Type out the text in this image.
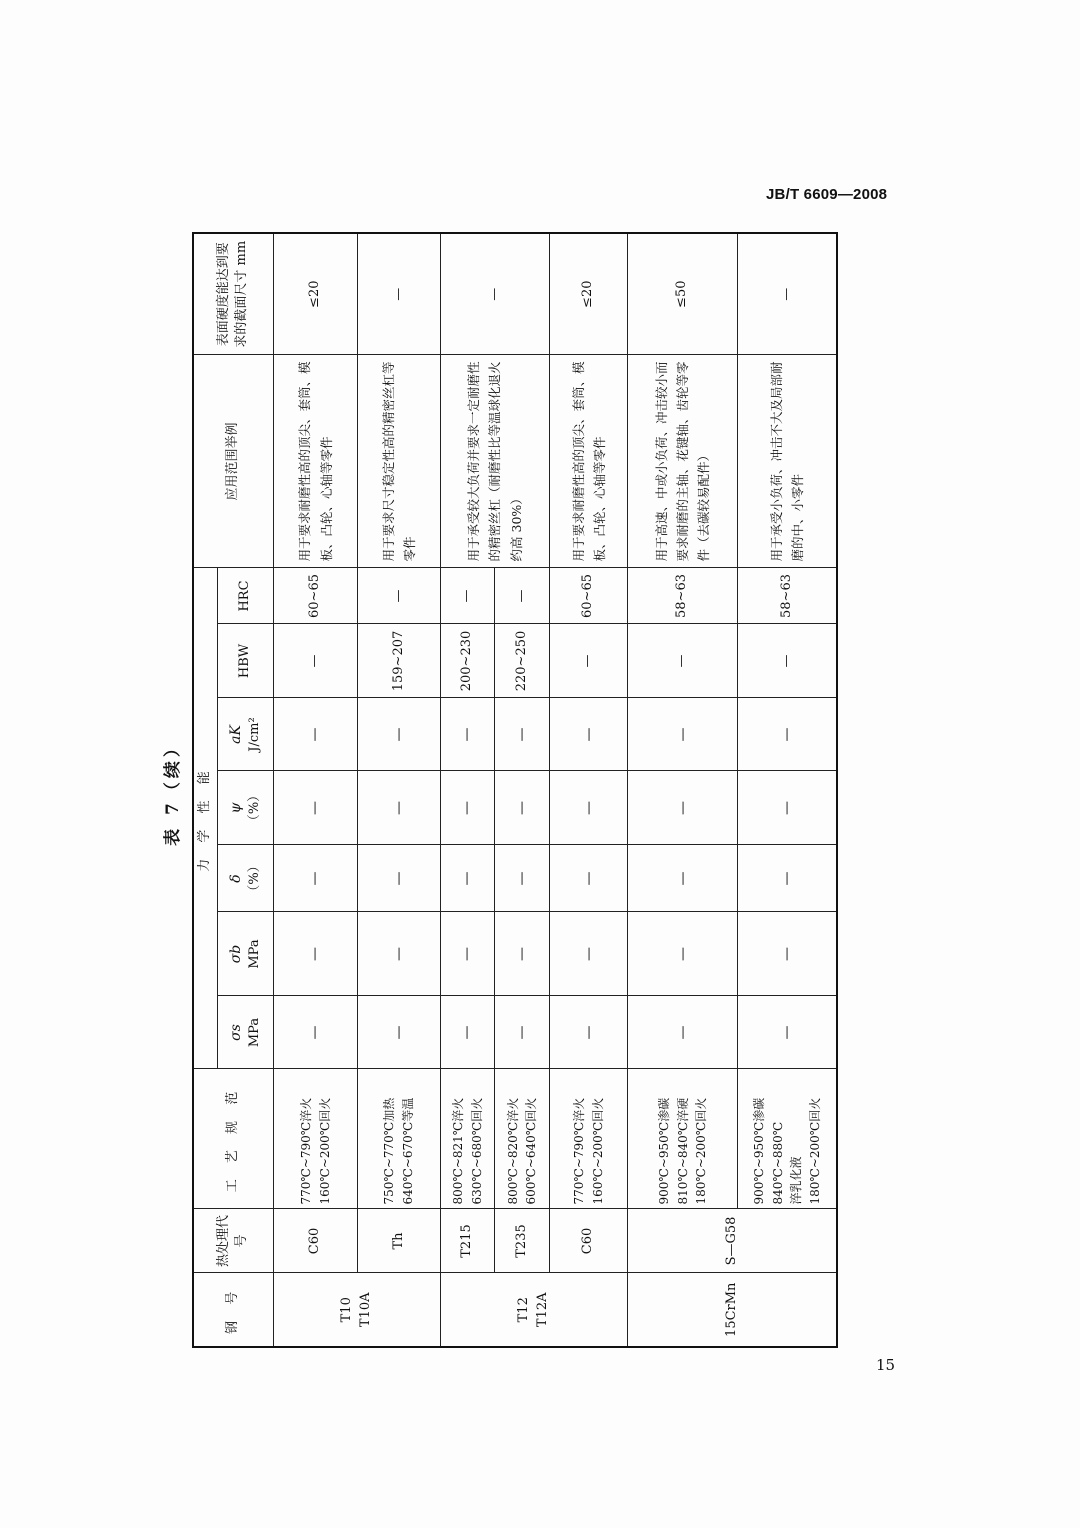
JB/T 6609—2008
表 7（续）
钢 号	热处理代号	工 艺 规 范	力 学 性 能							应用范围举例	表面硬度能达到要求的截面尺寸 mm
			σs MPa	σb MPa	δ （%）	ψ （%）	aK J/cm²	HBW	HRC		
T10 T10A	C60	770℃~790℃淬火 160℃~200℃回火	—	—	—	—	—	—	60~65	用于要求耐磨性高的顶尖、套筒、模板、凸轮、心轴等零件	≤20
	Th	750℃~770℃加热 640℃~670℃等温	—	—	—	—	—	159~207	—	用于要求尺寸稳定性高的精密丝杠等零件	—
T12 T12A	T215	800℃~821℃淬火 630℃~680℃回火	—	—	—	—	—	200~230	—	用于承受较大负荷并要求一定耐磨性的精密丝杠（耐磨性比等温球化退火约高 30%）	—
	T235	800℃~820℃淬火 600℃~640℃回火	—	—	—	—	—	220~250	—		
	C60	770℃~790℃淬火 160℃~200℃回火	—	—	—	—	—	—	60~65	用于要求耐磨性高的顶尖、套筒、模板、凸轮、心轴等零件	≤20
15CrMn	S—G58	900℃~950℃渗碳 810℃~840℃淬硬 180℃~200℃回火	—	—	—	—	—	—	58~63	用于高速、中或小负荷、冲击较小而要求耐磨的主轴、花键轴、齿轮等零件（去碳较易配件）	≤50
		900℃~950℃渗碳 840℃~880℃ 淬乳化液 180℃~200℃回火	—	—	—	—	—	—	58~63	用于承受小负荷、冲击不大及局部耐磨的中、小零件	—
15
